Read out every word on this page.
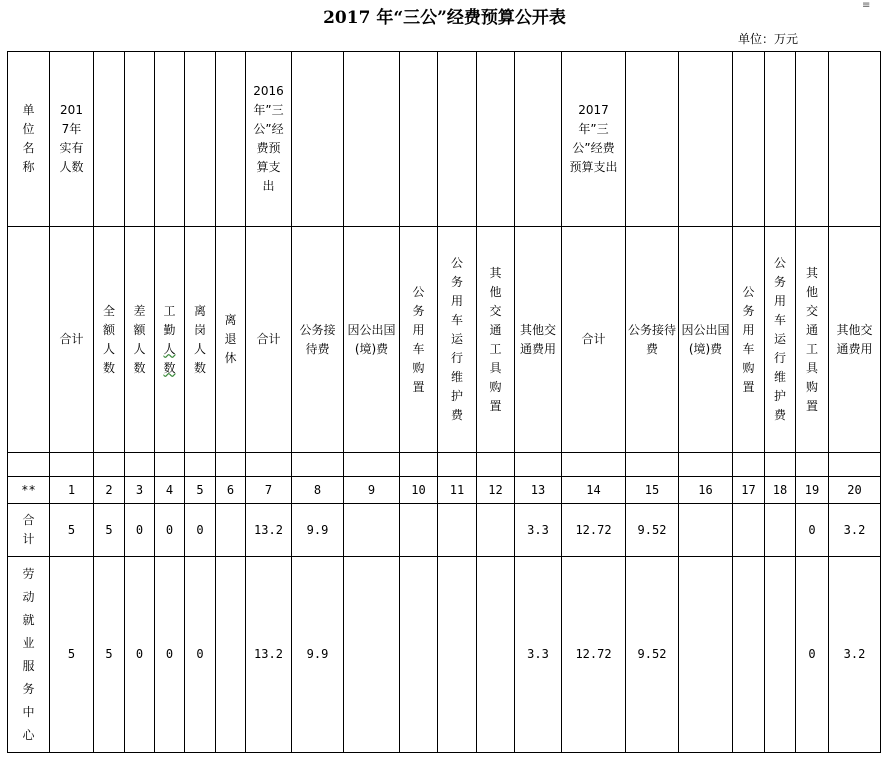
2017 年“三公”经费预算公开表
≡
单位：万元
单位名称	2017年实有人数						2016年”三公”经费预算支出							2017年”三公”经费预算支出						
	合计	全额人数	差额人数	工勤人数	离岗人数	离退休	合计	公务接待费	因公出国(境)费	公务用车购置	公务用车运行维护费	其他交通工具购置	其他交通费用	合计	公务接待费	因公出国(境)费	公务用车购置	公务用车运行维护费	其他交通工具购置	其他交通费用

**	1	2	3	4	5	6	7	8	9	10	11	12	13	14	15	16	17	18	19	20
合计	5	5	0	0	0		13.2	9.9					3.3	12.72	9.52				0	3.2
劳动就业服务中心	5	5	0	0	0		13.2	9.9					3.3	12.72	9.52				0	3.2
